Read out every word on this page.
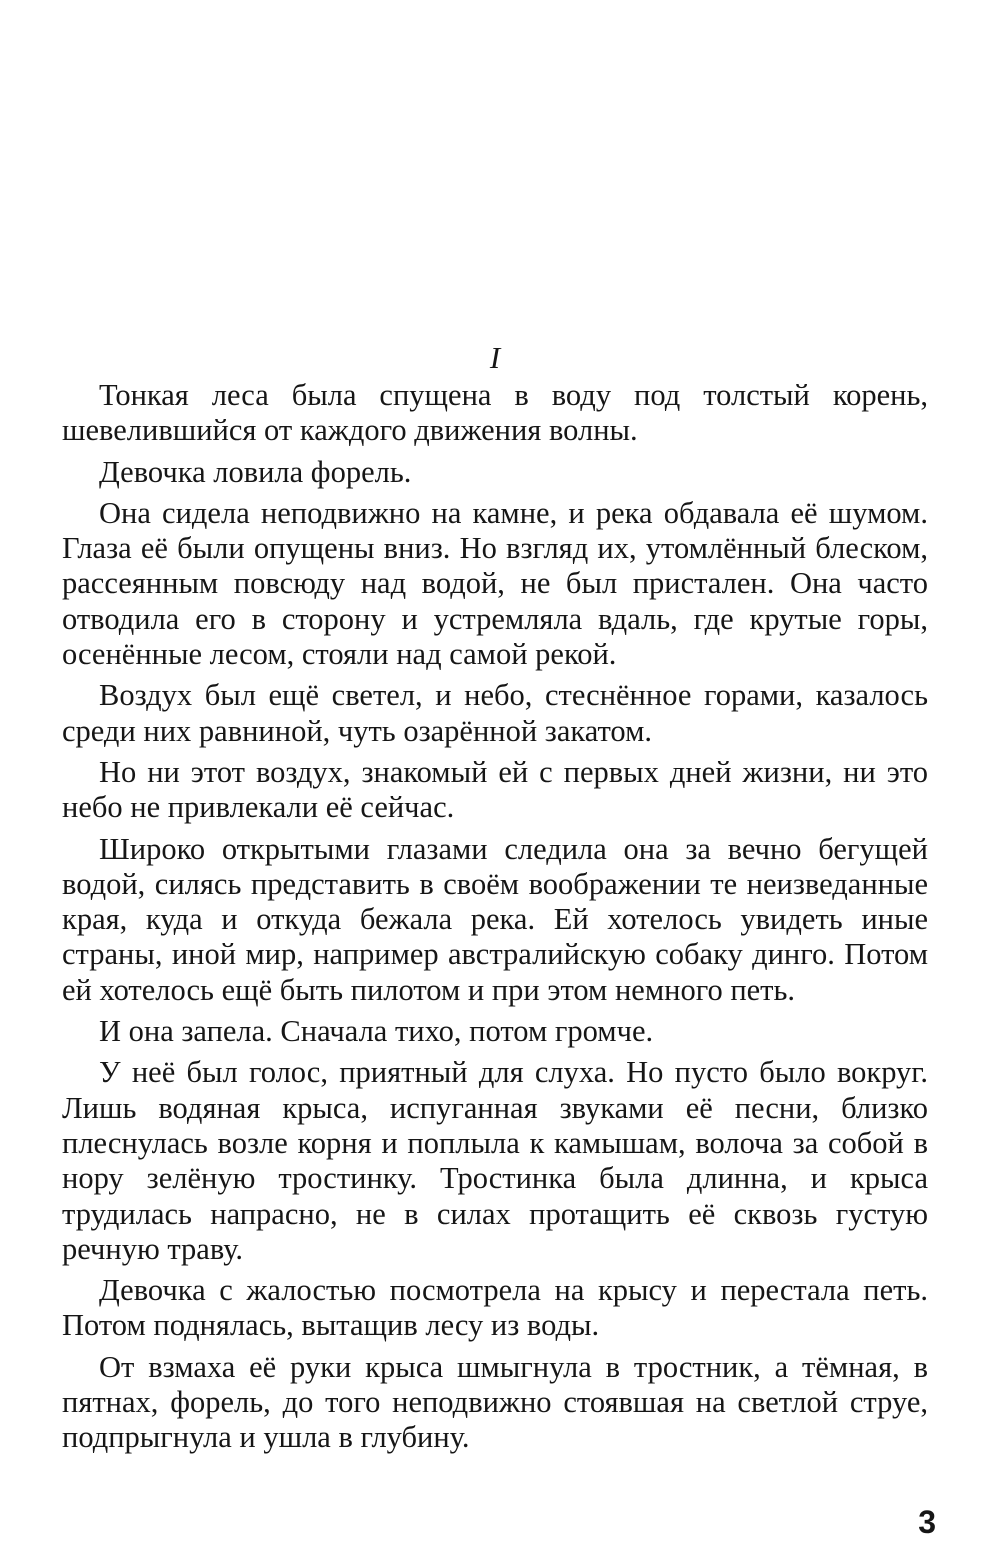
I

Тонкая леса была спущена в воду под толстый корень, шевелившийся от каждого движения волны.

Девочка ловила форель.

Она сидела неподвижно на камне, и река обдавала её шумом. Глаза её были опущены вниз. Но взгляд их, утомлённый блеском, рассеянным повсюду над водой, не был пристален. Она часто отводила его в сторону и устремляла вдаль, где крутые горы, осенённые лесом, стояли над самой рекой.

Воздух был ещё светел, и небо, стеснённое горами, казалось среди них равниной, чуть озарённой закатом.

Но ни этот воздух, знакомый ей с первых дней жизни, ни это небо не привлекали её сейчас.

Широко открытыми глазами следила она за вечно бегущей водой, силясь представить в своём воображении те неизведанные края, куда и откуда бежала река. Ей хотелось увидеть иные страны, иной мир, например австралийскую собаку динго. Потом ей хотелось ещё быть пилотом и при этом немного петь.

И она запела. Сначала тихо, потом громче.

У неё был голос, приятный для слуха. Но пусто было вокруг. Лишь водяная крыса, испуганная звуками её песни, близко плеснулась возле корня и поплыла к камышам, волоча за собой в нору зелёную тростинку. Тростинка была длинна, и крыса трудилась напрасно, не в силах протащить её сквозь густую речную траву.

Девочка с жалостью посмотрела на крысу и перестала петь. Потом поднялась, вытащив лесу из воды.

От взмаха её руки крыса шмыгнула в тростник, а тёмная, в пятнах, форель, до того неподвижно стоявшая на светлой струе, подпрыгнула и ушла в глубину.

3
